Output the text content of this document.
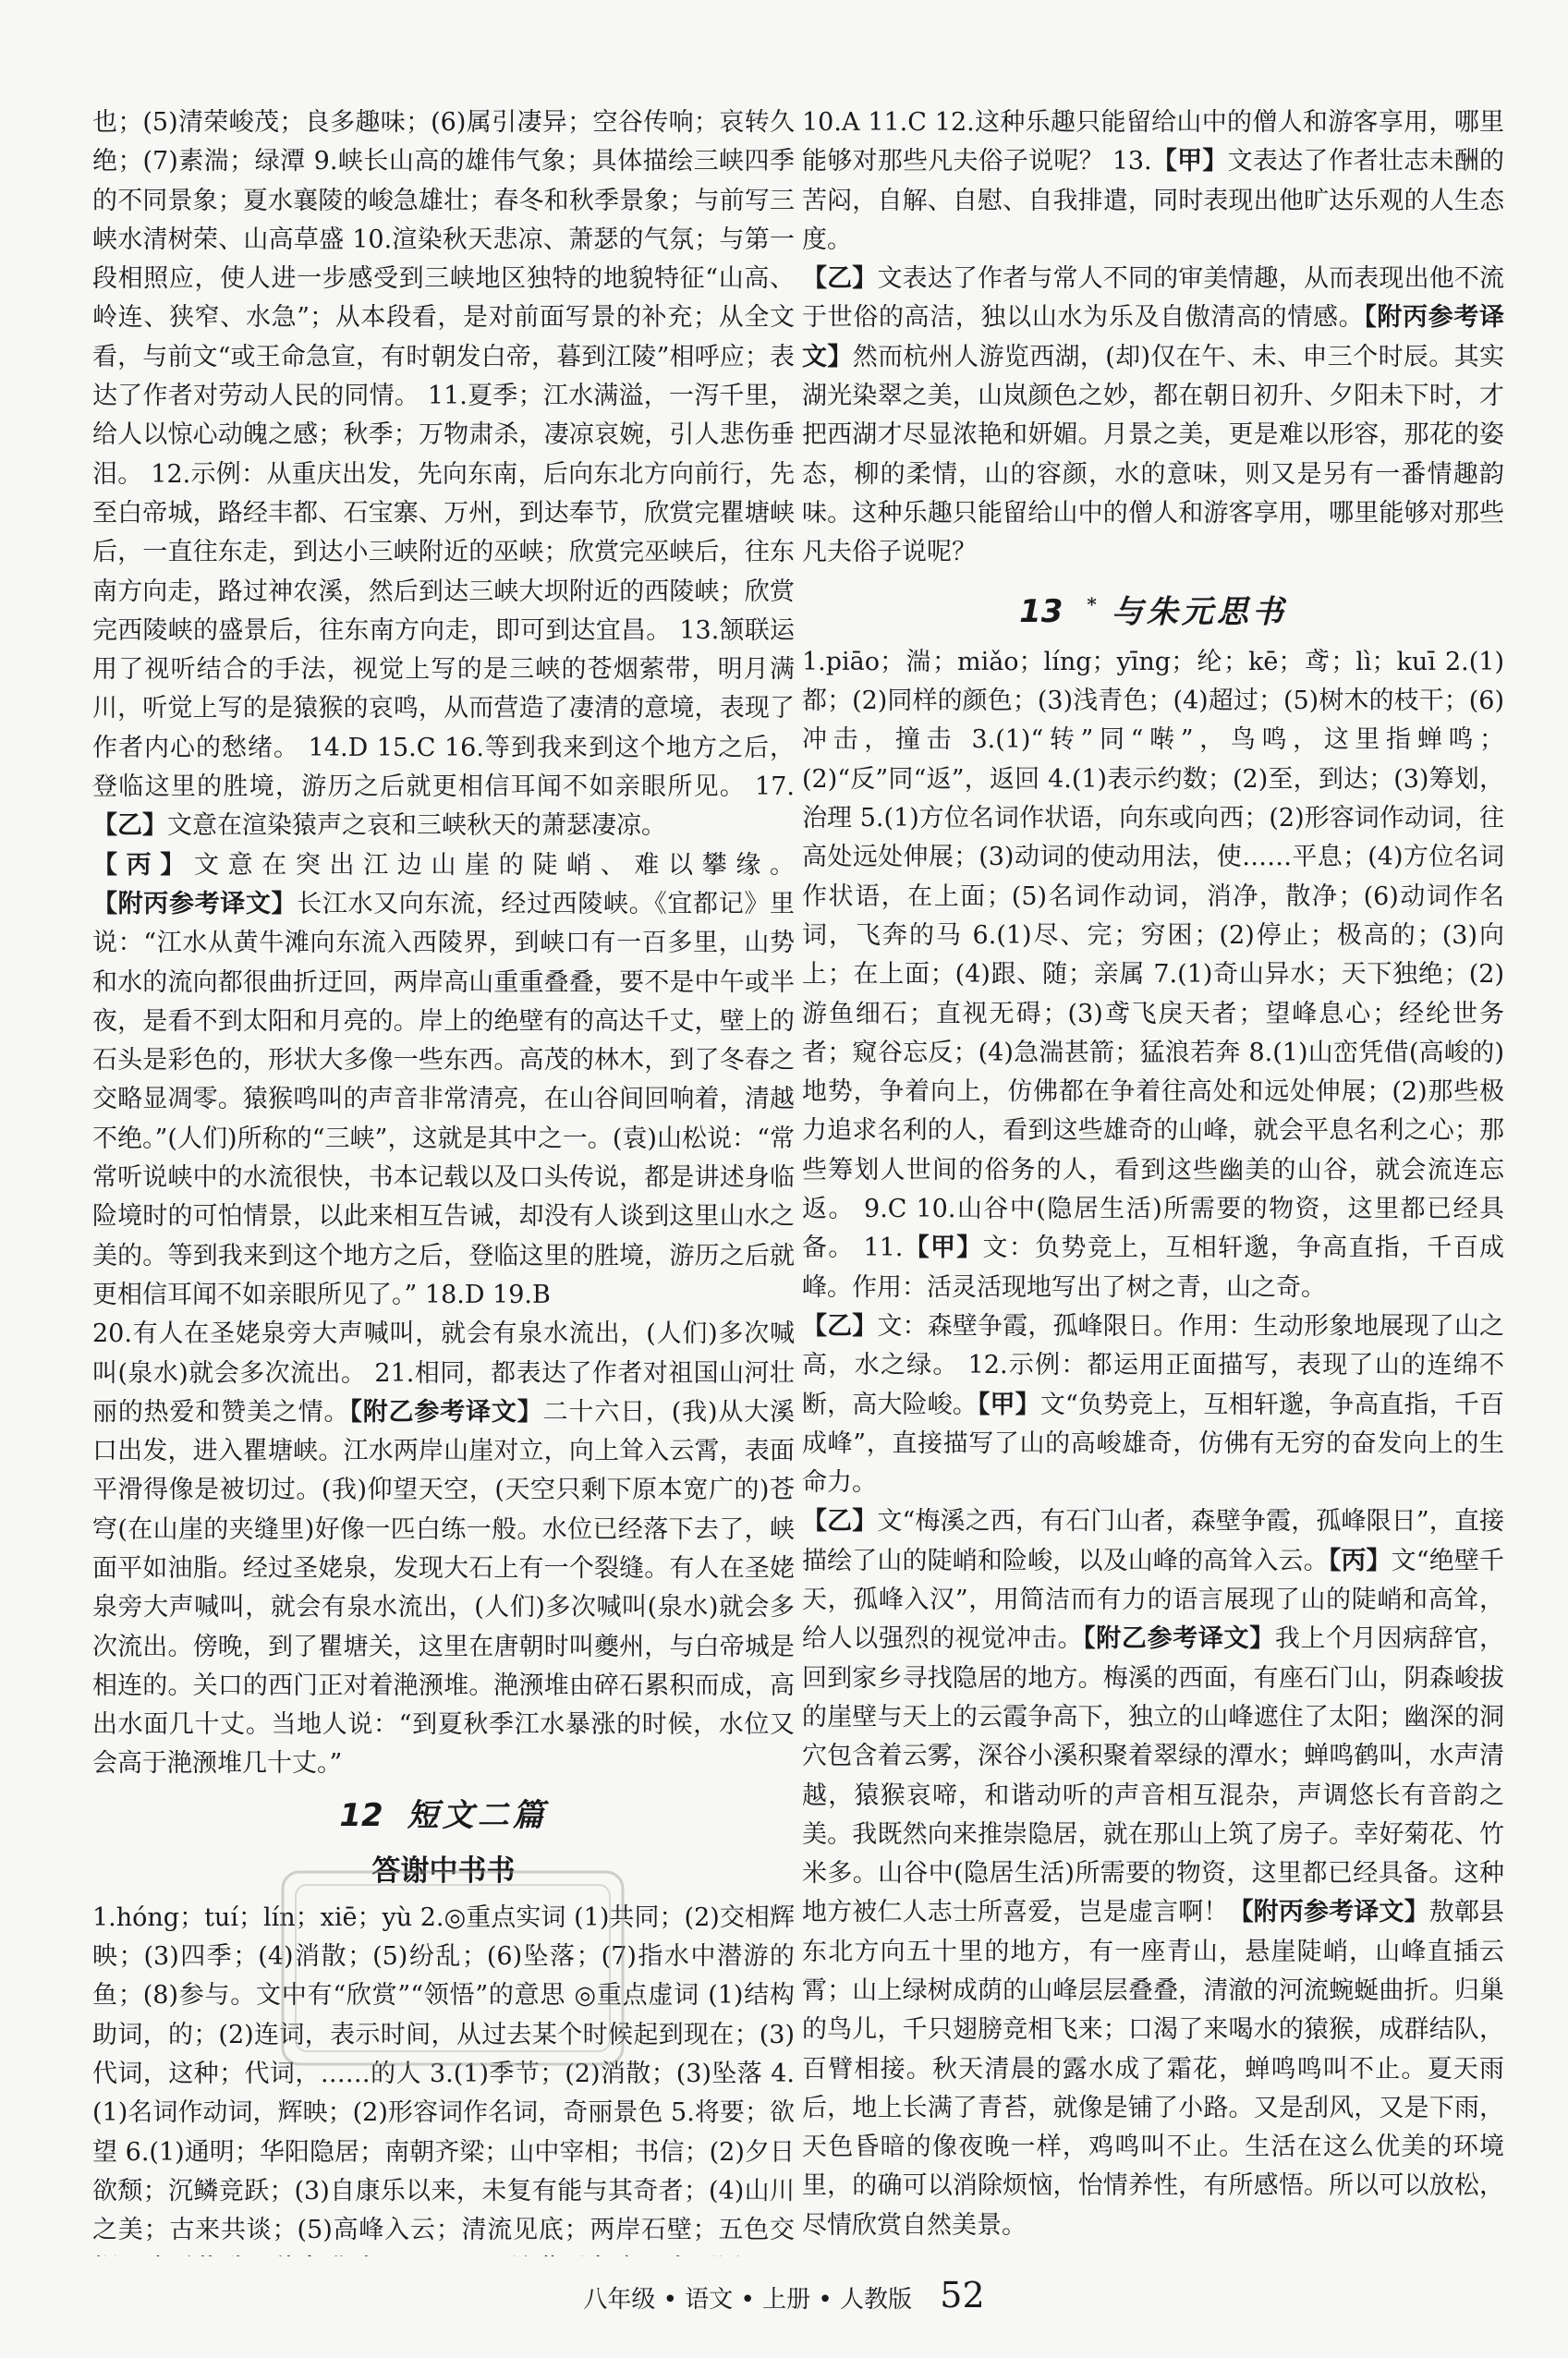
也；(5)清荣峻茂；良多趣味；(6)属引凄异；空谷传响；哀转久绝；(7)素湍；绿潭 9.峡长山高的雄伟气象；具体描绘三峡四季的不同景象；夏水襄陵的峻急雄壮；春冬和秋季景象；与前写三峡水清树荣、山高草盛 10.渲染秋天悲凉、萧瑟的气氛；与第一段相照应，使人进一步感受到三峡地区独特的地貌特征“山高、岭连、狭窄、水急”；从本段看，是对前面写景的补充；从全文看，与前文“或王命急宣，有时朝发白帝，暮到江陵”相呼应；表达了作者对劳动人民的同情。 11.夏季；江水满溢，一泻千里，给人以惊心动魄之感；秋季；万物肃杀，凄凉哀婉，引人悲伤垂泪。 12.示例：从重庆出发，先向东南，后向东北方向前行，先至白帝城，路经丰都、石宝寨、万州，到达奉节，欣赏完瞿塘峡后，一直往东走，到达小三峡附近的巫峡；欣赏完巫峡后，往东南方向走，路过神农溪，然后到达三峡大坝附近的西陵峡；欣赏完西陵峡的盛景后，往东南方向走，即可到达宜昌。 13.颔联运用了视听结合的手法，视觉上写的是三峡的苍烟萦带，明月满川，听觉上写的是猿猴的哀鸣，从而营造了凄清的意境，表现了作者内心的愁绪。 14.D 15.C 16.等到我来到这个地方之后，登临这里的胜境，游历之后就更相信耳闻不如亲眼所见。 17.【乙】文意在渲染猿声之哀和三峡秋天的萧瑟凄凉。
【丙】文意在突出江边山崖的陡峭、难以攀缘。【附丙参考译文】长江水又向东流，经过西陵峡。《宜都记》里说：“江水从黄牛滩向东流入西陵界，到峡口有一百多里，山势和水的流向都很曲折迂回，两岸高山重重叠叠，要不是中午或半夜，是看不到太阳和月亮的。岸上的绝壁有的高达千丈，壁上的石头是彩色的，形状大多像一些东西。高茂的林木，到了冬春之交略显凋零。猿猴鸣叫的声音非常清亮，在山谷间回响着，清越不绝。”(人们)所称的“三峡”，这就是其中之一。(袁)山松说：“常常听说峡中的水流很快，书本记载以及口头传说，都是讲述身临险境时的可怕情景，以此来相互告诫，却没有人谈到这里山水之美的。等到我来到这个地方之后，登临这里的胜境，游历之后就更相信耳闻不如亲眼所见了。” 18.D 19.B

20.有人在圣姥泉旁大声喊叫，就会有泉水流出，(人们)多次喊叫(泉水)就会多次流出。 21.相同，都表达了作者对祖国山河壮丽的热爱和赞美之情。【附乙参考译文】二十六日，(我)从大溪口出发，进入瞿塘峡。江水两岸山崖对立，向上耸入云霄，表面平滑得像是被切过。(我)仰望天空，(天空只剩下原本宽广的)苍穹(在山崖的夹缝里)好像一匹白练一般。水位已经落下去了，峡面平如油脂。经过圣姥泉，发现大石上有一个裂缝。有人在圣姥泉旁大声喊叫，就会有泉水流出，(人们)多次喊叫(泉水)就会多次流出。傍晚，到了瞿塘关，这里在唐朝时叫夔州，与白帝城是相连的。关口的西门正对着滟滪堆。滟滪堆由碎石累积而成，高出水面几十丈。当地人说：“到夏秋季江水暴涨的时候，水位又会高于滟滪堆几十丈。”

12 短文二篇
答谢中书书

1.hóng；tuí；lín；xiē；yù 2.◎重点实词 (1)共同；(2)交相辉映；(3)四季；(4)消散；(5)纷乱；(6)坠落；(7)指水中潜游的鱼；(8)参与。文中有“欣赏”“领悟”的意思 ◎重点虚词 (1)结构助词，的；(2)连词，表示时间，从过去某个时候起到现在；(3)代词，这种；代词，……的人 3.(1)季节；(2)消散；(3)坠落 4.(1)名词作动词，辉映；(2)形容词作名词，奇丽景色 5.将要；欲望 6.(1)通明；华阳隐居；南朝齐梁；山中宰相；书信；(2)夕日欲颓；沉鳞竞跃；(3)自康乐以来，未复有能与其奇者；(4)山川之美；古来共谈；(5)高峰入云；清流见底；两岸石壁；五色交

10.A 11.C 12.这种乐趣只能留给山中的僧人和游客享用，哪里能够对那些凡夫俗子说呢？ 13.【甲】文表达了作者壮志未酬的苦闷，自解、自慰、自我排遣，同时表现出他旷达乐观的人生态度。
【乙】文表达了作者与常人不同的审美情趣，从而表现出他不流于世俗的高洁，独以山水为乐及自傲清高的情感。【附丙参考译文】然而杭州人游览西湖，(却)仅在午、未、申三个时辰。其实湖光染翠之美，山岚颜色之妙，都在朝日初升、夕阳未下时，才把西湖才尽显浓艳和妍媚。月景之美，更是难以形容，那花的姿态，柳的柔情，山的容颜，水的意味，则又是另有一番情趣韵味。这种乐趣只能留给山中的僧人和游客享用，哪里能够对那些凡夫俗子说呢？

13 * 与朱元思书

1.piāo；湍；miǎo；líng；yīng；纶；kē；鸢；lì；kuī 2.(1)都；(2)同样的颜色；(3)浅青色；(4)超过；(5)树木的枝干；(6)冲击，撞击 3.(1)“转”同“啭”，鸟鸣，这里指蝉鸣；(2)“反”同“返”，返回 4.(1)表示约数；(2)至，到达；(3)筹划，治理 5.(1)方位名词作状语，向东或向西；(2)形容词作动词，往高处远处伸展；(3)动词的使动用法，使……平息；(4)方位名词作状语，在上面；(5)名词作动词，消净，散净；(6)动词作名词，飞奔的马 6.(1)尽、完；穷困；(2)停止；极高的；(3)向上；在上面；(4)跟、随；亲属 7.(1)奇山异水；天下独绝；(2)游鱼细石；直视无碍；(3)鸢飞戾天者；望峰息心；经纶世务者；窥谷忘反；(4)急湍甚箭；猛浪若奔 8.(1)山峦凭借(高峻的)地势，争着向上，仿佛都在争着往高处和远处伸展；(2)那些极力追求名利的人，看到这些雄奇的山峰，就会平息名利之心；那些筹划人世间的俗务的人，看到这些幽美的山谷，就会流连忘返。 9.C 10.山谷中(隐居生活)所需要的物资，这里都已经具备。 11.【甲】文：负势竞上，互相轩邈，争高直指，千百成峰。作用：活灵活现地写出了树之青，山之奇。
【乙】文：森壁争霞，孤峰限日。作用：生动形象地展现了山之高，水之绿。 12.示例：都运用正面描写，表现了山的连绵不断，高大险峻。【甲】文“负势竞上，互相轩邈，争高直指，千百成峰”，直接描写了山的高峻雄奇，仿佛有无穷的奋发向上的生命力。
【乙】文“梅溪之西，有石门山者，森壁争霞，孤峰限日”，直接描绘了山的陡峭和险峻，以及山峰的高耸入云。【丙】文“绝壁千天，孤峰入汉”，用简洁而有力的语言展现了山的陡峭和高耸，给人以强烈的视觉冲击。【附乙参考译文】我上个月因病辞官，回到家乡寻找隐居的地方。梅溪的西面，有座石门山，阴森峻拔的崖壁与天上的云霞争高下，独立的山峰遮住了太阳；幽深的洞穴包含着云雾，深谷小溪积聚着翠绿的潭水；蝉鸣鹤叫，水声清越，猿猴哀啼，和谐动听的声音相互混杂，声调悠长有音韵之美。我既然向来推崇隐居，就在那山上筑了房子。幸好菊花、竹米多。山谷中(隐居生活)所需要的物资，这里都已经具备。这种地方被仁人志士所喜爱，岂是虚言啊！【附丙参考译文】敖鄣县东北方向五十里的地方，有一座青山，悬崖陡峭，山峰直插云霄；山上绿树成荫的山峰层层叠叠，清澈的河流蜿蜒曲折。归巢的鸟儿，千只翅膀竞相飞来；口渴了来喝水的猿猴，成群结队，百臂相接。秋天清晨的露水成了霜花，蝉鸣鸣叫不止。夏天雨后，地上长满了青苔，就像是铺了小路。又是刮风，又是下雨，天色昏暗的像夜晚一样，鸡鸣叫不止。生活在这么优美的环境里，的确可以消除烦恼，怡情养性，有所感悟。所以可以放松，尽情欣赏自然美景。

八年级 • 语文 • 上册 • 人教版 52
